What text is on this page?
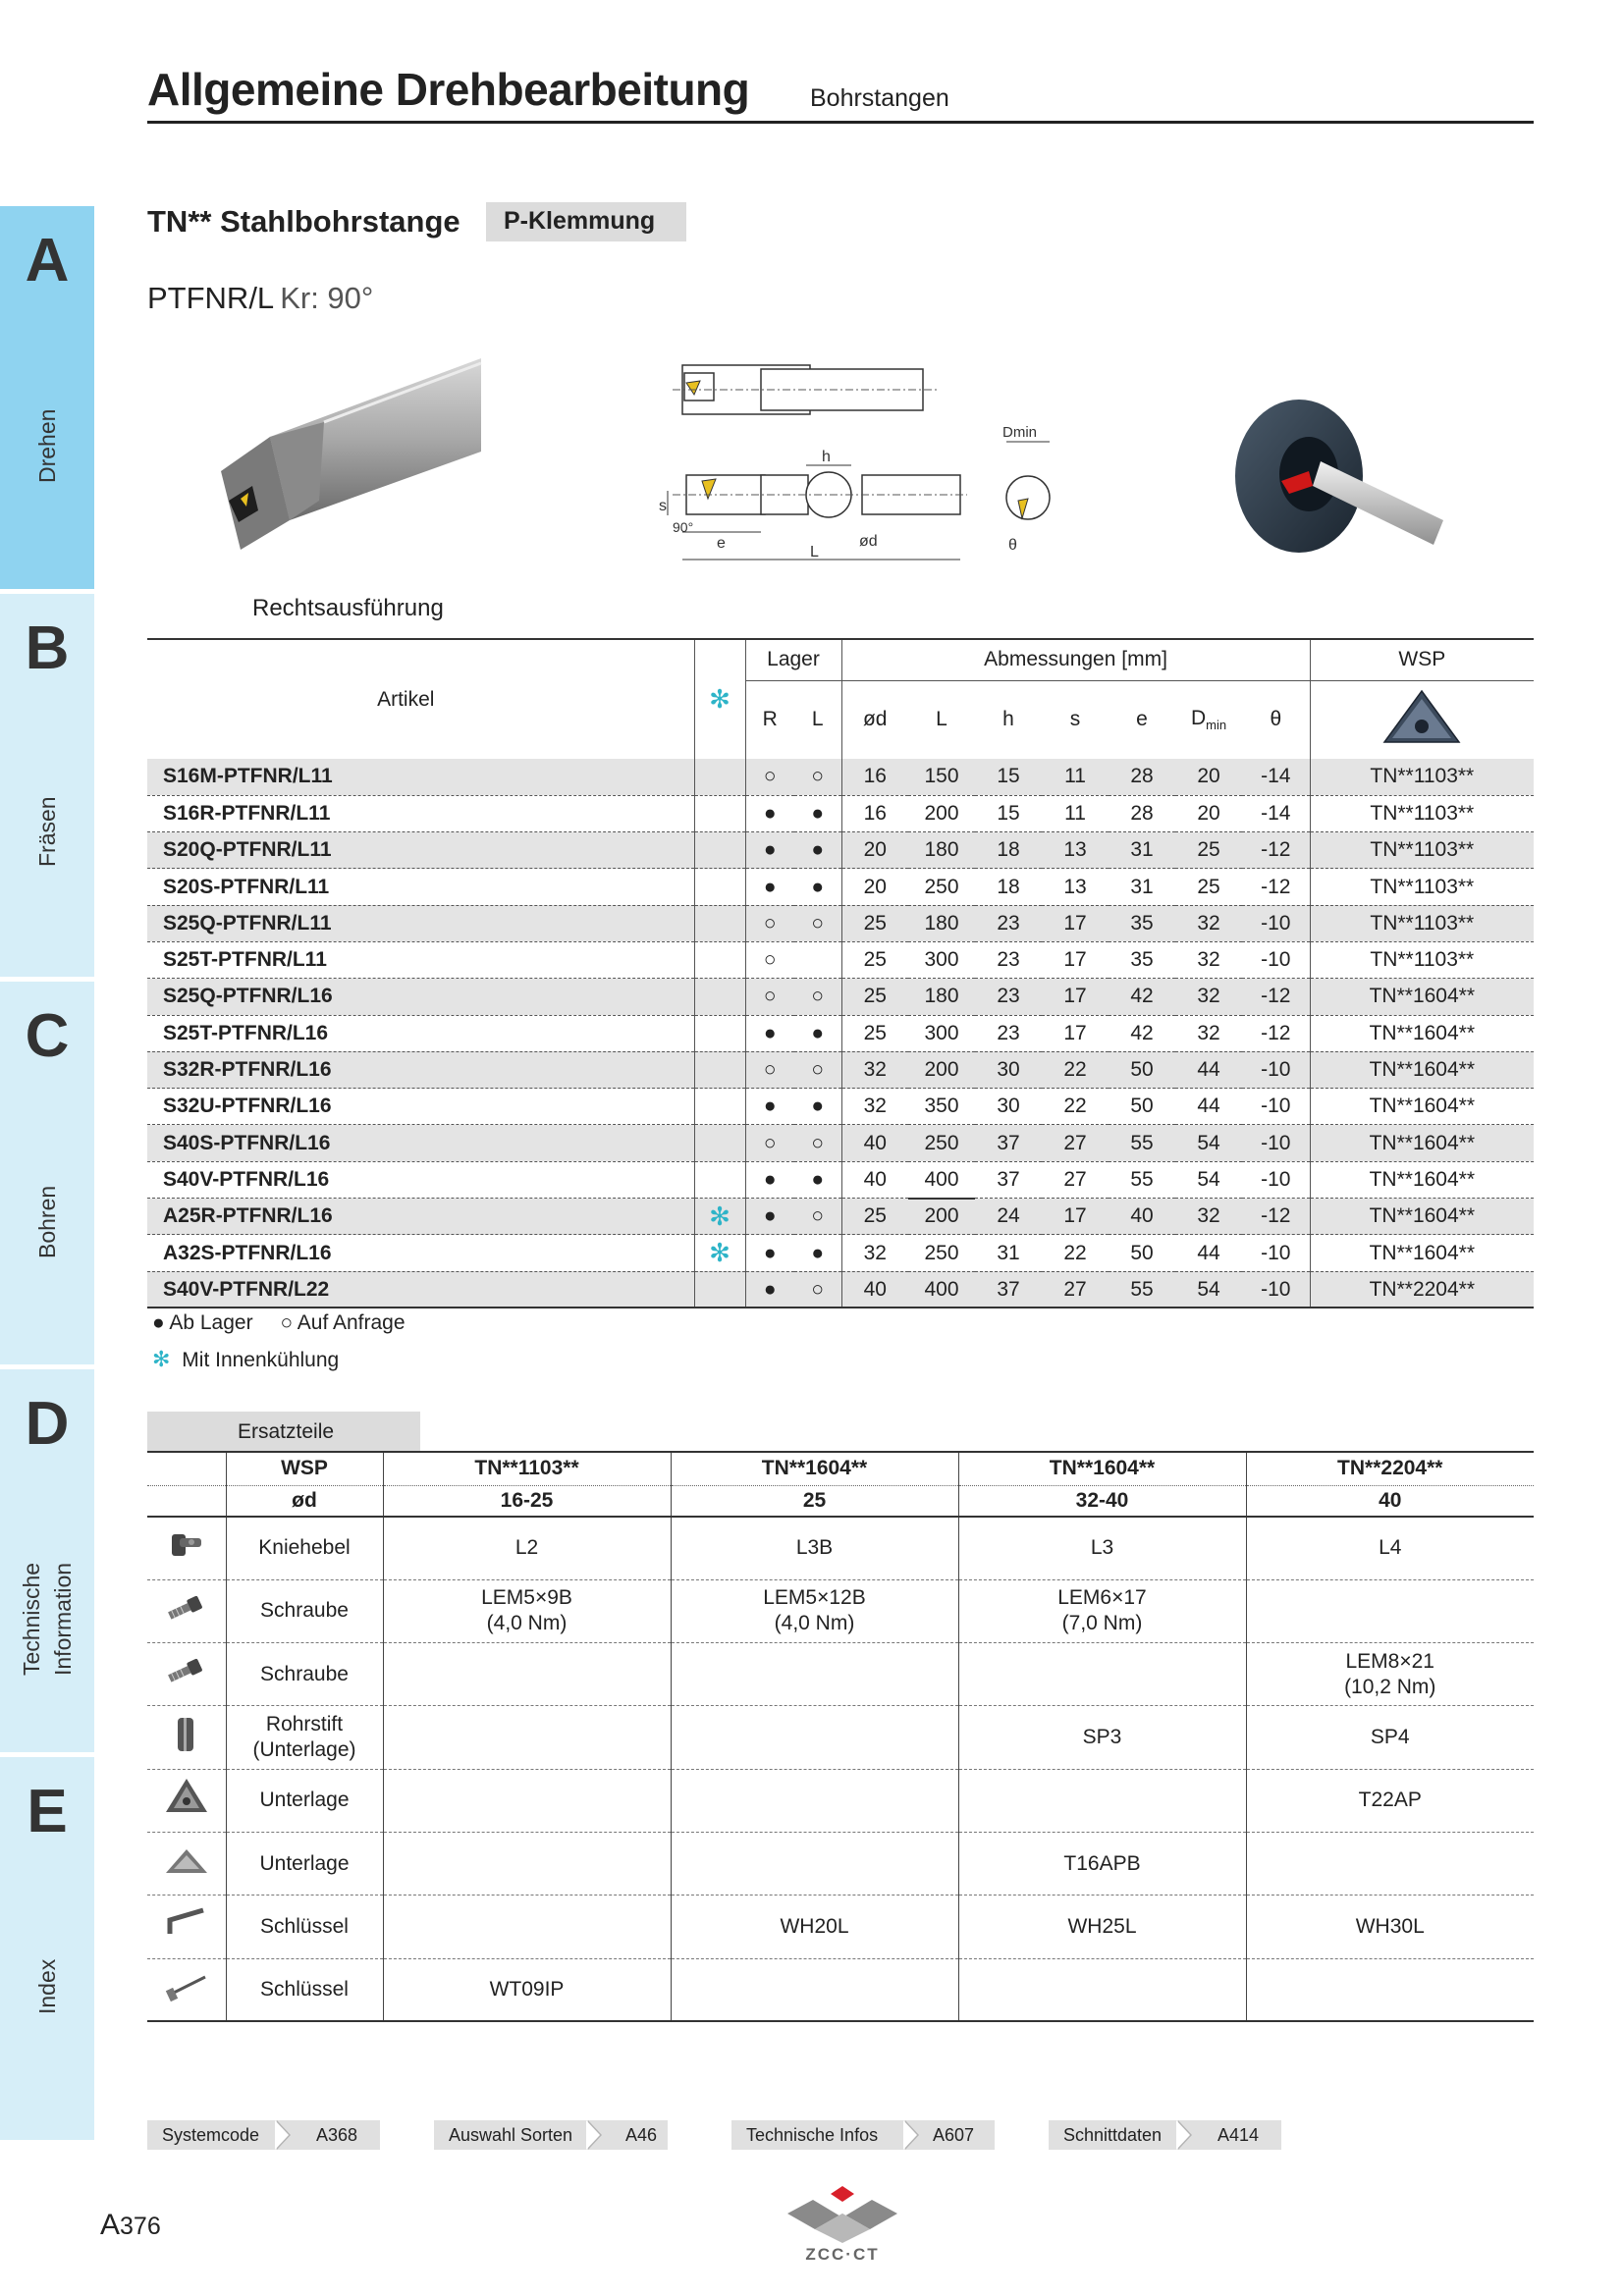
Allgemeine Drehbearbeitung Bohrstangen
A
Drehen
B
Fräsen
C
Bohren
D
Technische Information
E
Index
TN** Stahlbohrstange	P-Klemmung
PTFNR/L Kr: 90°
h
s
90°
e
L
ød
Dmin
θ
Rechtsausführung
Artikel	✻	Lager		Abmessungen [mm]							WSP
		R	L	ød	L	h	s	e	$D_{min}$	θ	
S16M-PTFNR/L11		○	○	16	150	15	11	28	20	-14	TN**1103**
S16R-PTFNR/L11		●	●	16	200	15	11	28	20	-14	TN**1103**
S20Q-PTFNR/L11		●	●	20	180	18	13	31	25	-12	TN**1103**
S20S-PTFNR/L11		●	●	20	250	18	13	31	25	-12	TN**1103**
S25Q-PTFNR/L11		○	○	25	180	23	17	35	32	-10	TN**1103**
S25T-PTFNR/L11		○		25	300	23	17	35	32	-10	TN**1103**
S25Q-PTFNR/L16		○	○	25	180	23	17	42	32	-12	TN**1604**
S25T-PTFNR/L16		●	●	25	300	23	17	42	32	-12	TN**1604**
S32R-PTFNR/L16		○	○	32	200	30	22	50	44	-10	TN**1604**
S32U-PTFNR/L16		●	●	32	350	30	22	50	44	-10	TN**1604**
S40S-PTFNR/L16		○	○	40	250	37	27	55	54	-10	TN**1604**
S40V-PTFNR/L16		●	●	40	400	37	27	55	54	-10	TN**1604**
A25R-PTFNR/L16	✻	●	○	25	200	24	17	40	32	-12	TN**1604**
A32S-PTFNR/L16	✻	●	●	32	250	31	22	50	44	-10	TN**1604**
S40V-PTFNR/L22		●	○	40	400	37	27	55	54	-10	TN**2204**
● Ab Lager ○ Auf Anfrage
✻ Mit Innenkühlung
Ersatzteile
	WSP	TN**1103**	TN**1604**	TN**1604**	TN**2204**
	ød	16-25	25	32-40	40
	Kniehebel	L2	L3B	L3	L4
	Schraube	LEM5×9B
(4,0 Nm)	LEM5×12B
(4,0 Nm)	LEM6×17
(7,0 Nm)	
	Schraube				LEM8×21
(10,2 Nm)
	Rohrstift
(Unterlage)			SP3	SP4
	Unterlage				T22AP
	Unterlage			T16APB	
	Schlüssel		WH20L	WH25L	WH30L
	Schlüssel	WT09IP			
Systemcode	A368	Auswahl Sorten	A46	Technische Infos	A607	Schnittdaten	A414
A376
ZCC·CT
